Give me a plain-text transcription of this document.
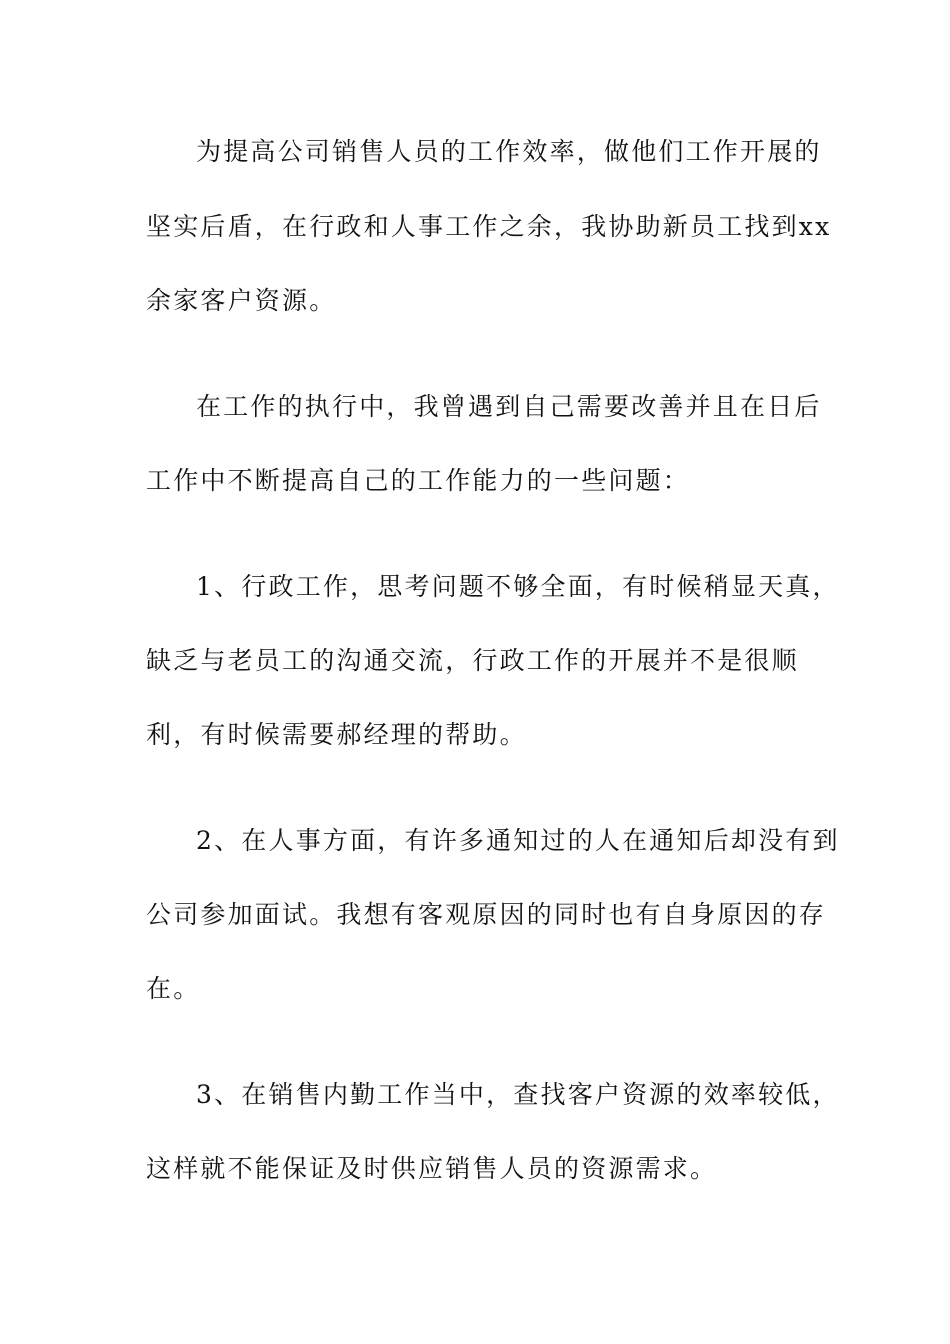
为提高公司销售人员的工作效率，做他们工作开展的
坚实后盾，在行政和人事工作之余，我协助新员工找到xx
余家客户资源。
在工作的执行中，我曾遇到自己需要改善并且在日后
工作中不断提高自己的工作能力的一些问题：
1、行政工作，思考问题不够全面，有时候稍显天真，
缺乏与老员工的沟通交流，行政工作的开展并不是很顺
利，有时候需要郝经理的帮助。
2、在人事方面，有许多通知过的人在通知后却没有到
公司参加面试。我想有客观原因的同时也有自身原因的存
在。
3、在销售内勤工作当中，查找客户资源的效率较低，
这样就不能保证及时供应销售人员的资源需求。
